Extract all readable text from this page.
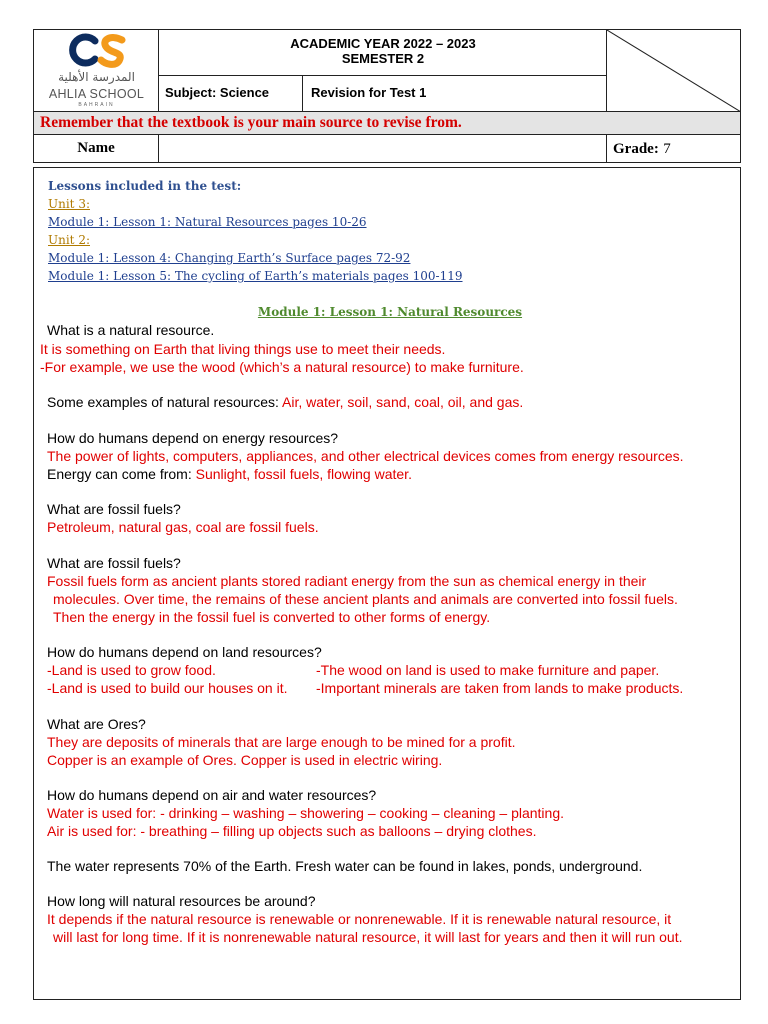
المدرسة الأهلية
AHLIA SCHOOL
BAHRAIN
ACADEMIC YEAR 2022 – 2023
SEMESTER 2
Subject: Science	Revision for Test 1
Remember that the textbook is your main source to revise from.
Name	Grade: 7
Lessons included in the test:
Unit 3:
Module 1: Lesson 1: Natural Resources pages 10-26
Unit 2:
Module 1: Lesson 4: Changing Earth’s Surface pages 72-92
Module 1: Lesson 5: The cycling of Earth’s materials pages 100-119
Module 1: Lesson 1: Natural Resources
What is a natural resource.
It is something on Earth that living things use to meet their needs.
-For example, we use the wood (which’s a natural resource) to make furniture.
Some examples of natural resources: Air, water, soil, sand, coal, oil, and gas.
How do humans depend on energy resources?
The power of lights, computers, appliances, and other electrical devices comes from energy resources.
Energy can come from: Sunlight, fossil fuels, flowing water.
What are fossil fuels?
Petroleum, natural gas, coal are fossil fuels.
What are fossil fuels?
Fossil fuels form as ancient plants stored radiant energy from the sun as chemical energy in their
molecules. Over time, the remains of these ancient plants and animals are converted into fossil fuels.
Then the energy in the fossil fuel is converted to other forms of energy.
How do humans depend on land resources?
-Land is used to grow food.	-The wood on land is used to make furniture and paper.
-Land is used to build our houses on it. -Important minerals are taken from lands to make products.
What are Ores?
They are deposits of minerals that are large enough to be mined for a profit.
Copper is an example of Ores. Copper is used in electric wiring.
How do humans depend on air and water resources?
Water is used for: - drinking – washing – showering – cooking – cleaning – planting.
Air is used for: - breathing – filling up objects such as balloons – drying clothes.
The water represents 70% of the Earth. Fresh water can be found in lakes, ponds, underground.
How long will natural resources be around?
It depends if the natural resource is renewable or nonrenewable. If it is renewable natural resource, it
will last for long time. If it is nonrenewable natural resource, it will last for years and then it will run out.
